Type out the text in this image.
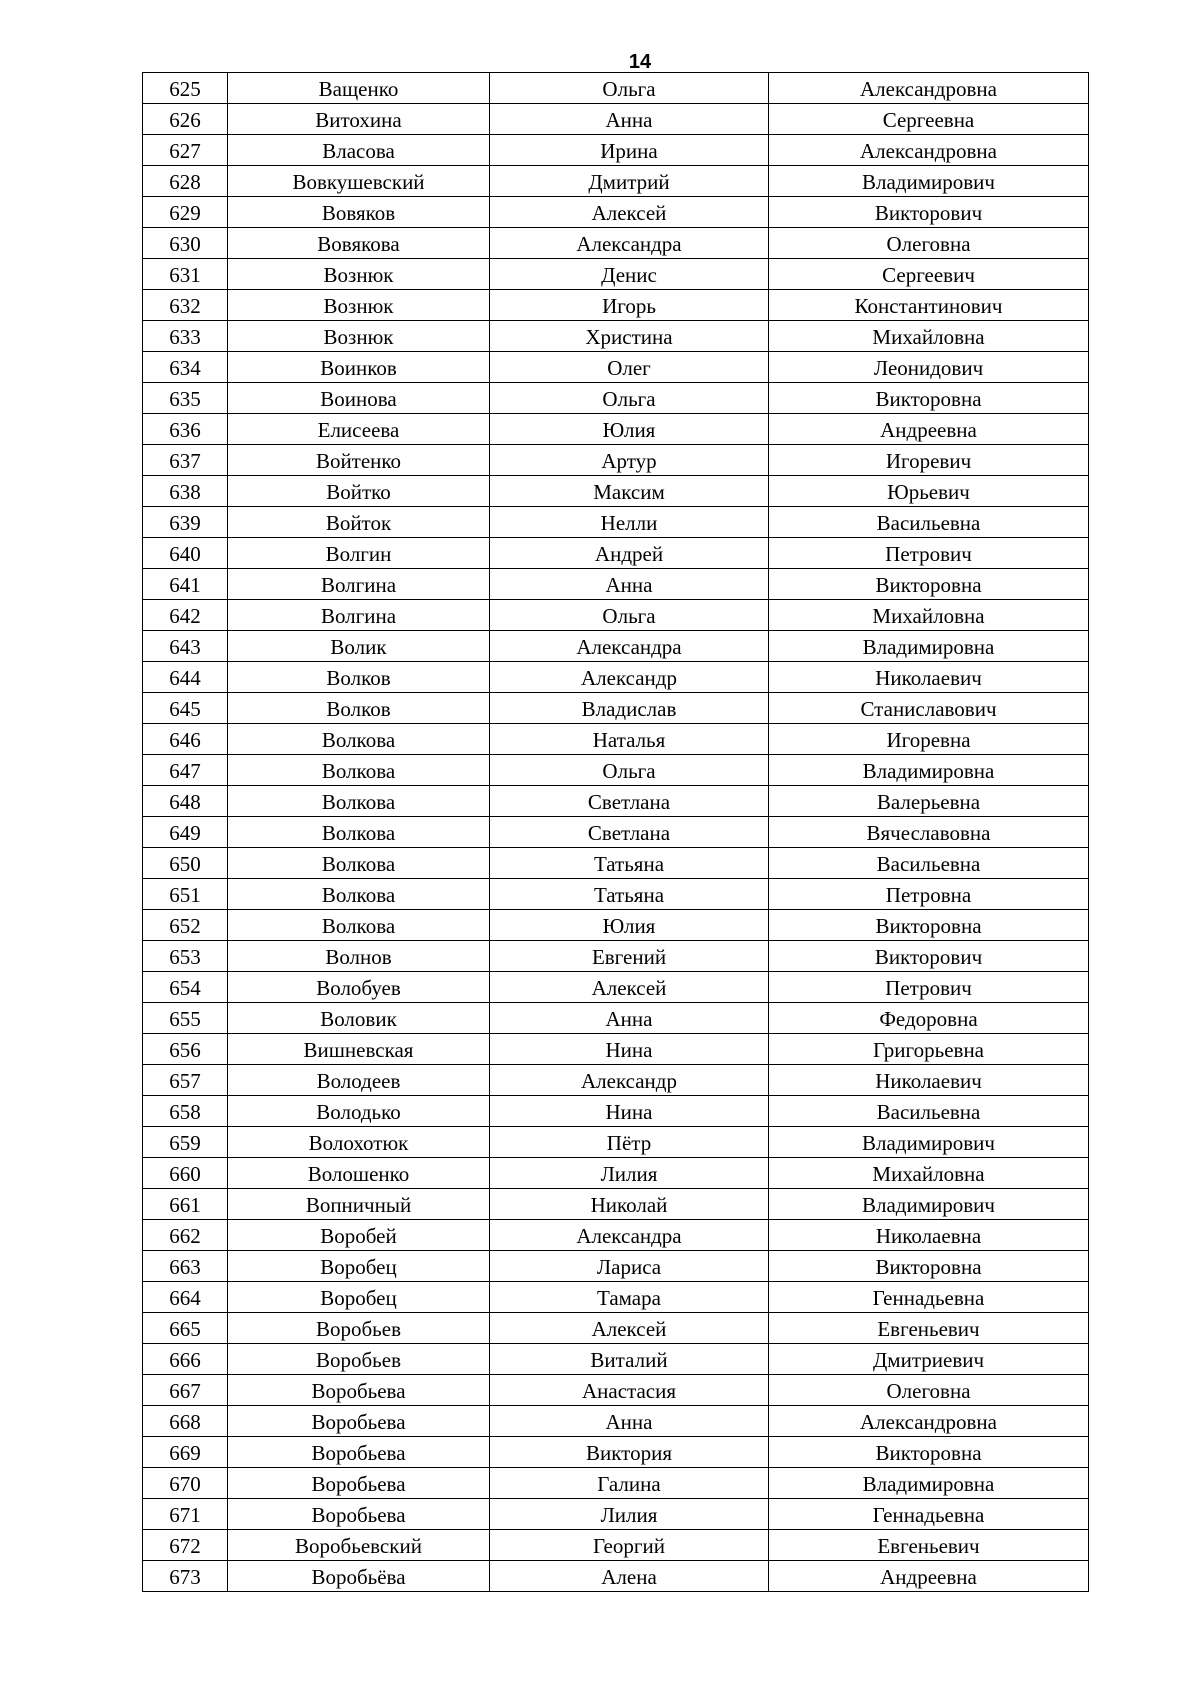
14
625	Ващенко	Ольга	Александровна
626	Витохина	Анна	Сергеевна
627	Власова	Ирина	Александровна
628	Вовкушевский	Дмитрий	Владимирович
629	Вовяков	Алексей	Викторович
630	Вовякова	Александра	Олеговна
631	Вознюк	Денис	Сергеевич
632	Вознюк	Игорь	Константинович
633	Вознюк	Христина	Михайловна
634	Воинков	Олег	Леонидович
635	Воинова	Ольга	Викторовна
636	Елисеева	Юлия	Андреевна
637	Войтенко	Артур	Игоревич
638	Войтко	Максим	Юрьевич
639	Войток	Нелли	Васильевна
640	Волгин	Андрей	Петрович
641	Волгина	Анна	Викторовна
642	Волгина	Ольга	Михайловна
643	Волик	Александра	Владимировна
644	Волков	Александр	Николаевич
645	Волков	Владислав	Станиславович
646	Волкова	Наталья	Игоревна
647	Волкова	Ольга	Владимировна
648	Волкова	Светлана	Валерьевна
649	Волкова	Светлана	Вячеславовна
650	Волкова	Татьяна	Васильевна
651	Волкова	Татьяна	Петровна
652	Волкова	Юлия	Викторовна
653	Волнов	Евгений	Викторович
654	Волобуев	Алексей	Петрович
655	Воловик	Анна	Федоровна
656	Вишневская	Нина	Григорьевна
657	Володеев	Александр	Николаевич
658	Володько	Нина	Васильевна
659	Волохотюк	Пётр	Владимирович
660	Волошенко	Лилия	Михайловна
661	Вопничный	Николай	Владимирович
662	Воробей	Александра	Николаевна
663	Воробец	Лариса	Викторовна
664	Воробец	Тамара	Геннадьевна
665	Воробьев	Алексей	Евгеньевич
666	Воробьев	Виталий	Дмитриевич
667	Воробьева	Анастасия	Олеговна
668	Воробьева	Анна	Александровна
669	Воробьева	Виктория	Викторовна
670	Воробьева	Галина	Владимировна
671	Воробьева	Лилия	Геннадьевна
672	Воробьевский	Георгий	Евгеньевич
673	Воробьёва	Алена	Андреевна
